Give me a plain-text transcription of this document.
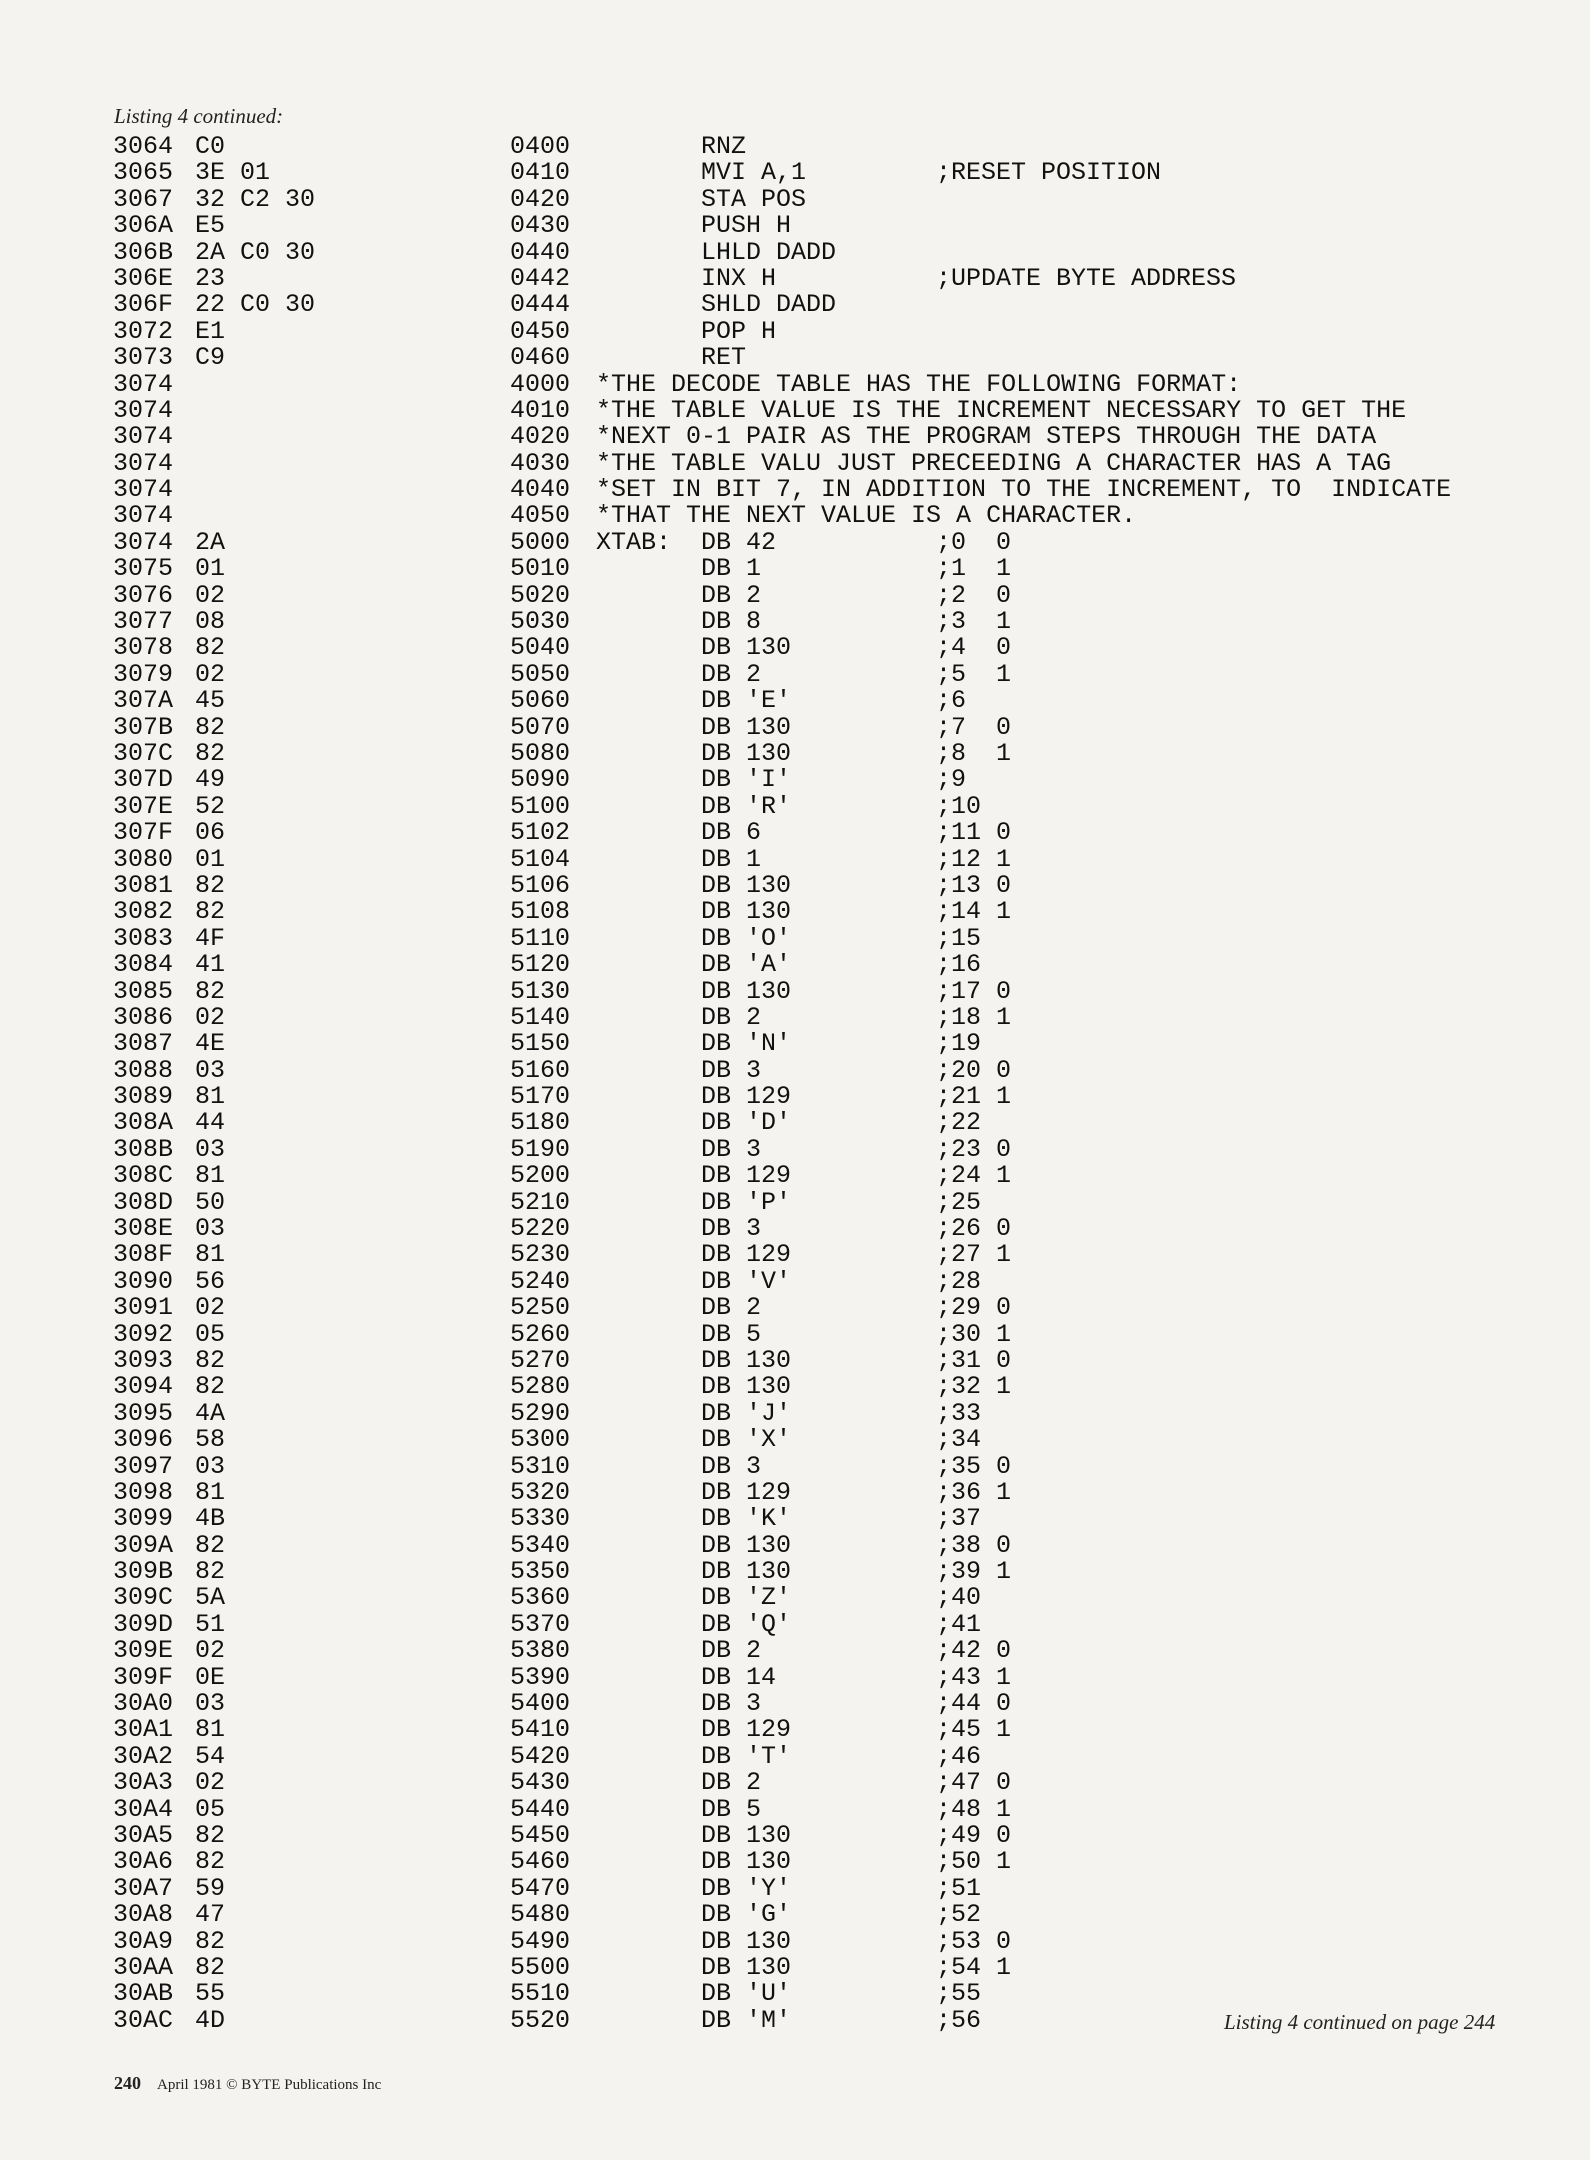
Listing 4 continued:
3064 C0	0400	RNZ
3065 3E 01	0410	MVI A,1	;RESET POSITION
3067 32 C2 30	0420	STA POS
306A E5	0430	PUSH H
306B 2A C0 30	0440	LHLD DADD
306E 23	0442	INX H	;UPDATE BYTE ADDRESS
306F 22 C0 30	0444	SHLD DADD
3072 E1	0450	POP H
3073 C9	0460	RET
3074	4000 *THE DECODE TABLE HAS THE FOLLOWING FORMAT:
3074	4010 *THE TABLE VALUE IS THE INCREMENT NECESSARY TO GET THE
3074	4020 *NEXT 0-1 PAIR AS THE PROGRAM STEPS THROUGH THE DATA
3074	4030 *THE TABLE VALU JUST PRECEEDING A CHARACTER HAS A TAG
3074	4040 *SET IN BIT 7, IN ADDITION TO THE INCREMENT, TO  INDICATE
3074	4050 *THAT THE NEXT VALUE IS A CHARACTER.
3074 2A	5000 XTAB: DB 42	;0  0
3075 01	5010	DB 1	;1  1
3076 02	5020	DB 2	;2  0
3077 08	5030	DB 8	;3  1
3078 82	5040	DB 130	;4  0
3079 02	5050	DB 2	;5  1
307A 45	5060	DB 'E'	;6
307B 82	5070	DB 130	;7  0
307C 82	5080	DB 130	;8  1
307D 49	5090	DB 'I'	;9
307E 52	5100	DB 'R'	;10
307F 06	5102	DB 6	;11 0
3080 01	5104	DB 1	;12 1
3081 82	5106	DB 130	;13 0
3082 82	5108	DB 130	;14 1
3083 4F	5110	DB 'O'	;15
3084 41	5120	DB 'A'	;16
3085 82	5130	DB 130	;17 0
3086 02	5140	DB 2	;18 1
3087 4E	5150	DB 'N'	;19
3088 03	5160	DB 3	;20 0
3089 81	5170	DB 129	;21 1
308A 44	5180	DB 'D'	;22
308B 03	5190	DB 3	;23 0
308C 81	5200	DB 129	;24 1
308D 50	5210	DB 'P'	;25
308E 03	5220	DB 3	;26 0
308F 81	5230	DB 129	;27 1
3090 56	5240	DB 'V'	;28
3091 02	5250	DB 2	;29 0
3092 05	5260	DB 5	;30 1
3093 82	5270	DB 130	;31 0
3094 82	5280	DB 130	;32 1
3095 4A	5290	DB 'J'	;33
3096 58	5300	DB 'X'	;34
3097 03	5310	DB 3	;35 0
3098 81	5320	DB 129	;36 1
3099 4B	5330	DB 'K'	;37
309A 82	5340	DB 130	;38 0
309B 82	5350	DB 130	;39 1
309C 5A	5360	DB 'Z'	;40
309D 51	5370	DB 'Q'	;41
309E 02	5380	DB 2	;42 0
309F 0E	5390	DB 14	;43 1
30A0 03	5400	DB 3	;44 0
30A1 81	5410	DB 129	;45 1
30A2 54	5420	DB 'T'	;46
30A3 02	5430	DB 2	;47 0
30A4 05	5440	DB 5	;48 1
30A5 82	5450	DB 130	;49 0
30A6 82	5460	DB 130	;50 1
30A7 59	5470	DB 'Y'	;51
30A8 47	5480	DB 'G'	;52
30A9 82	5490	DB 130	;53 0
30AA 82	5500	DB 130	;54 1
30AB 55	5510	DB 'U'	;55
30AC 4D	5520	DB 'M'	;56	Listing 4 continued on page 244
240 April 1981 © BYTE Publications Inc
